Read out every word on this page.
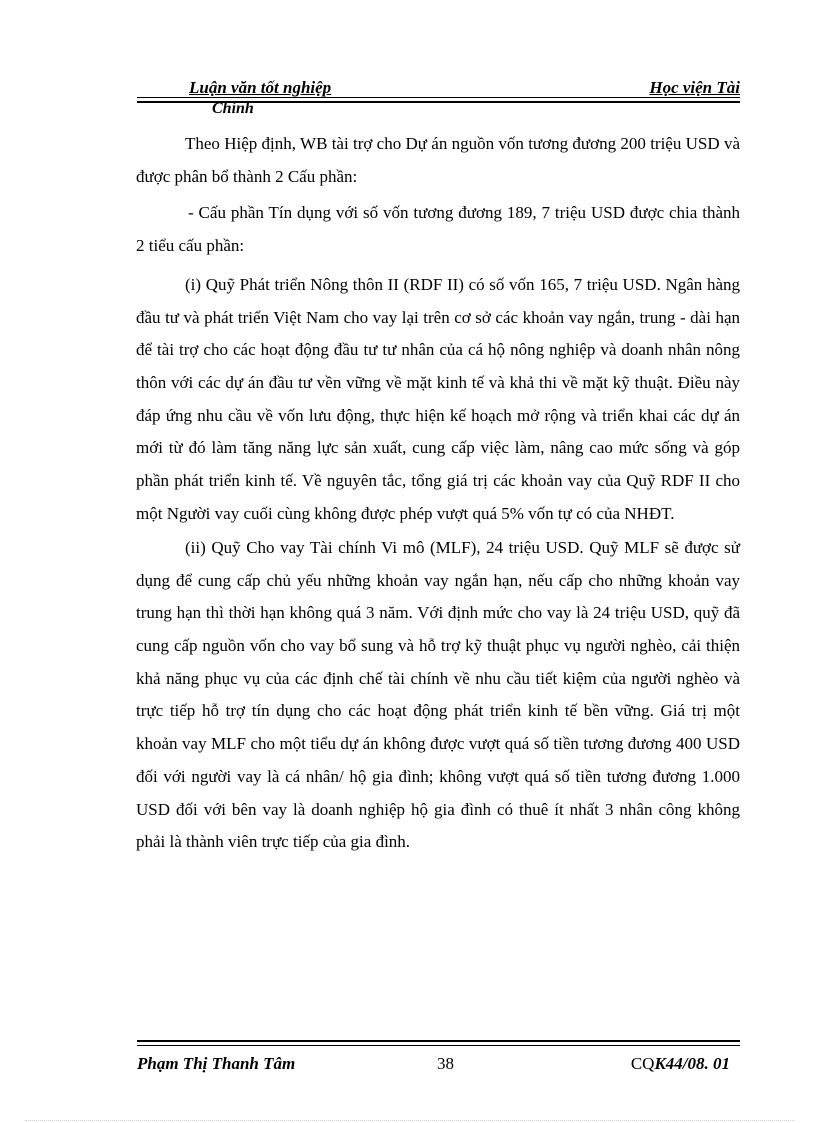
Luận văn tốt nghiệp	Học viện Tài
Chính

Theo Hiệp định, WB tài trợ cho Dự án nguồn vốn tương đương 200 triệu USD và được phân bổ thành 2 Cấu phần:

- Cấu phần Tín dụng với số vốn tương đương 189, 7 triệu USD được chia thành 2 tiểu cấu phần:

(i) Quỹ Phát triển Nông thôn II (RDF II) có số vốn 165, 7 triệu USD. Ngân hàng đầu tư và phát triển Việt Nam cho vay lại trên cơ sở các khoản vay ngắn, trung - dài hạn để tài trợ cho các hoạt động đầu tư tư nhân của cá hộ nông nghiệp và doanh nhân nông thôn với các dự án đầu tư vền vững về mặt kinh tế và khả thi về mặt kỹ thuật. Điều này đáp ứng nhu cầu về vốn lưu động, thực hiện kế hoạch mở rộng và triển khai các dự án mới từ đó làm tăng năng lực sản xuất, cung cấp việc làm, nâng cao mức sống và góp phần phát triển kinh tế. Về nguyên tắc, tổng giá trị các khoản vay của Quỹ RDF II cho một Người vay cuối cùng không được phép vượt quá 5% vốn tự có của NHĐT.

(ii) Quỹ Cho vay Tài chính Vi mô (MLF), 24 triệu USD. Quỹ MLF sẽ được sử dụng để cung cấp chủ yếu những khoản vay ngắn hạn, nếu cấp cho những khoản vay trung hạn thì thời hạn không quá 3 năm. Với định mức cho vay là 24 triệu USD, quỹ đã cung cấp nguồn vốn cho vay bổ sung và hỗ trợ kỹ thuật phục vụ người nghèo, cải thiện khả năng phục vụ của các định chế tài chính về nhu cầu tiết kiệm của người nghèo và trực tiếp hỗ trợ tín dụng cho các hoạt động phát triển kinh tế bền vững. Giá trị một khoản vay MLF cho một tiểu dự án không được vượt quá số tiền tương đương 400 USD đối với người vay là cá nhân/ hộ gia đình; không vượt quá số tiền tương đương 1.000 USD đối với bên vay là doanh nghiệp hộ gia đình có thuê ít nhất 3 nhân công không phải là thành viên trực tiếp của gia đình.

Phạm Thị Thanh Tâm	38	CQK44/08. 01
